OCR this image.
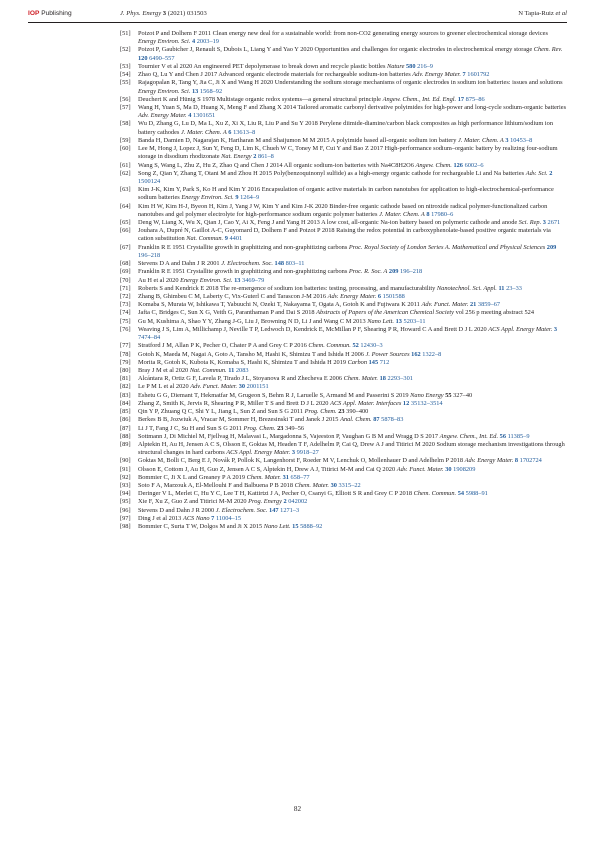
IOP Publishing	J. Phys. Energy 3 (2021) 031503	N Tapia-Ruiz et al
[51] Poizot P and Dolhem F 2011 Clean energy new deal for a sustainable world: from non-CO2 generating energy sources to greener electrochemical storage devices Energy Environ. Sci. 4 2003–19
[52] Poizot P, Gaubicher J, Renault S, Dubois L, Liang Y and Yao Y 2020 Opportunities and challenges for organic electrodes in electrochemical energy storage Chem. Rev. 120 6490–557
[53] Tournier V et al 2020 An engineered PET depolymerase to break down and recycle plastic bottles Nature 580 216–9
[54] Zhao Q, Lu Y and Chen J 2017 Advanced organic electrode materials for rechargeable sodium-ion batteries Adv. Energy Mater. 7 1601792
[55] Rajagopalan R, Tang Y, Jia C, Ji X and Wang H 2020 Understanding the sodium storage mechanisms of organic electrodes in sodium ion batteries: issues and solutions Energy Environ. Sci. 13 1568–92
[56] Deuchert K and Hünig S 1978 Multistage organic redox systems—a general structural principle Angew. Chem., Int. Ed. Engl. 17 875–86
[57] Wang H, Yuan S, Ma D, Huang X, Meng F and Zhang X 2014 Tailored aromatic carbonyl derivative polyimides for high-power and long-cycle sodium-organic batteries Adv. Energy Mater. 4 1301651
[58] Wu D, Zhang G, Lu D, Ma L, Xu Z, Xi X, Liu R, Liu P and Su Y 2018 Perylene diimide-diamine/carbon black composites as high performance lithium/sodium ion battery cathodes J. Mater. Chem. A 6 13613–8
[59] Banda H, Damien D, Nagarajan K, Hariharan M and Shaijumon M M 2015 A polyimide based all-organic sodium ion battery J. Mater. Chem. A 3 10453–8
[60] Lee M, Hong J, Lopez J, Sun Y, Feng D, Lim K, Chueh W C, Toney M F, Cui Y and Bao Z 2017 High-performance sodium–organic battery by realizing four-sodium storage in disodium rhodizonate Nat. Energy 2 861–8
[61] Wang S, Wang L, Zhu Z, Hu Z, Zhao Q and Chen J 2014 All organic sodium-ion batteries with Na4C8H2O6 Angew. Chem. 126 6002–6
[62] Song Z, Qian Y, Zhang T, Otani M and Zhou H 2015 Poly(benzoquinonyl sulfide) as a high-energy organic cathode for rechargeable Li and Na batteries Adv. Sci. 2 1500124
[63] Kim J-K, Kim Y, Park S, Ko H and Kim Y 2016 Encapsulation of organic active materials in carbon nanotubes for application to high-electrochemical-performance sodium batteries Energy Environ. Sci. 9 1264–9
[64] Kim H W, Kim H-J, Byeon H, Kim J, Yang J W, Kim Y and Kim J-K 2020 Binder-free organic cathode based on nitroxide radical polymer-functionalized carbon nanotubes and gel polymer electrolyte for high-performance sodium organic polymer batteries J. Mater. Chem. A 8 17980–6
[65] Deng W, Liang X, Wu X, Qian J, Cao Y, Ai X, Feng J and Yang H 2013 A low cost, all-organic Na-ion battery based on polymeric cathode and anode Sci. Rep. 3 2671
[66] Jouhara A, Dupré N, Gaillot A-C, Guyomard D, Dolhem F and Poizot P 2018 Raising the redox potential in carboxyphenolate-based positive organic materials via cation substitution Nat. Commun. 9 4401
[67] Franklin R E 1951 Crystallite growth in graphitizing and non-graphitizing carbons Proc. Royal Society of London Series A. Mathematical and Physical Sciences 209 196–218
[68] Stevens D A and Dahn J R 2001 J. Electrochem. Soc. 148 803–11
[69] Franklin R E 1951 Crystallite growth in graphitizing and non-graphitizing carbons Proc. R. Soc. A 209 196–218
[70] Au H et al 2020 Energy Environ. Sci. 13 3469–79
[71] Roberts S and Kendrick E 2018 The re-emergence of sodium ion batteries: testing, processing, and manufacturability Nanotechnol. Sci. Appl. 11 23–33
[72] Zhang B, Ghimbeu C M, Laberty C, Vix-Guterl C and Tarascon J-M 2016 Adv. Energy Mater. 6 1501588
[73] Komaba S, Murata W, Ishikawa T, Yabuuchi N, Ozeki T, Nakayama T, Ogata A, Gotoh K and Fujiwara K 2011 Adv. Funct. Mater. 21 3859–67
[74] Jafta C, Bridges C, Sun X G, Veith G, Paranthaman P and Dai S 2018 Abstracts of Papers of the American Chemical Society vol 256 p meeting abstract 524
[75] Gu M, Kushima A, Shao Y Y, Zhang J-G, Liu J, Browning N D, Li J and Wang C M 2013 Nano Lett. 13 5203–11
[76] Weaving J S, Lim A, Millichamp J, Neville T P, Ledwoch D, Kendrick E, McMillan P F, Shearing P R, Howard C A and Brett D J L 2020 ACS Appl. Energy Mater. 3 7474–84
[77] Stratford J M, Allan P K, Pecher O, Chater P A and Grey C P 2016 Chem. Commun. 52 12430–3
[78] Gotoh K, Maeda M, Nagai A, Goto A, Tansho M, Hashi K, Shimizu T and Ishida H 2006 J. Power Sources 162 1322–8
[79] Morita R, Gotoh K, Kubota K, Komaba S, Hashi K, Shimizu T and Ishida H 2019 Carbon 145 712
[80] Bray J M et al 2020 Nat. Commun. 11 2083
[81] Alcántara R, Ortiz G F, Lavela P, Tirado J L, Stoyanova R and Zhecheva E 2006 Chem. Mater. 18 2293–301
[82] Le P M L et al 2020 Adv. Funct. Mater. 30 2001151
[83] Eshetu G G, Diemant T, Hekmatfar M, Grugeon S, Behm R J, Laruelle S, Armand M and Passerini S 2019 Nano Energy 55 327–40
[84] Zhang Z, Smith K, Jervis R, Shearing P R, Miller T S and Brett D J L 2020 ACS Appl. Mater. Interfaces 12 35132–3514
[85] Qin Y P, Zhuang Q C, Shi Y L, Jiang L, Sun Z and Sun S G 2011 Prog. Chem. 23 390–400
[86] Berkes B B, Jozwiuk A, Vracar M, Sommer H, Brezesinski T and Janek J 2015 Anal. Chem. 87 5878–83
[87] Li J T, Fang J C, Su H and Sun S G 2011 Prog. Chem. 23 349–56
[88] Sottmann J, Di Michiel M, Fjellvag H, Malavasi L, Margadonna S, Vajeeston P, Vaughan G B M and Wragg D S 2017 Angew. Chem., Int. Ed. 56 11385–9
[89] Alptekin H, Au H, Jensen A C S, Olsson E, Goktas M, Headen T F, Adelhelm P, Cai Q, Drew A J and Titirici M 2020 Sodium storage mechanism investigations through structural changes in hard carbons ACS Appl. Energy Mater. 3 9918–27
[90] Goktas M, Bolli C, Berg E J, Novák P, Pollok K, Langenhorst F, Roeder M V, Lenchuk O, Mollenhauer D and Adelhelm P 2018 Adv. Energy Mater. 8 1702724
[91] Olsson E, Cottom J, Au H, Guo Z, Jensen A C S, Alptekin H, Drew A J, Titirici M-M and Cai Q 2020 Adv. Funct. Mater. 30 1908209
[92] Bommier C, Ji X L and Greaney P A 2019 Chem. Mater. 31 658–77
[93] Soto F A, Marzouk A, El-Mellouhi F and Balbuena P B 2018 Chem. Mater. 30 3315–22
[94] Deringer V L, Merlet C, Hu Y C, Lee T H, Kattirtzi J A, Pecher O, Csanyi G, Elliott S R and Grey C P 2018 Chem. Commun. 54 5988–91
[95] Xie F, Xu Z, Guo Z and Titirici M-M 2020 Prog. Energy 2 042002
[96] Stevens D and Dahn J R 2000 J. Electrochem. Soc. 147 1271–3
[97] Ding J et al 2013 ACS Nano 7 11004–15
[98] Bommier C, Surta T W, Dolgos M and Ji X 2015 Nano Lett. 15 5888–92
82
